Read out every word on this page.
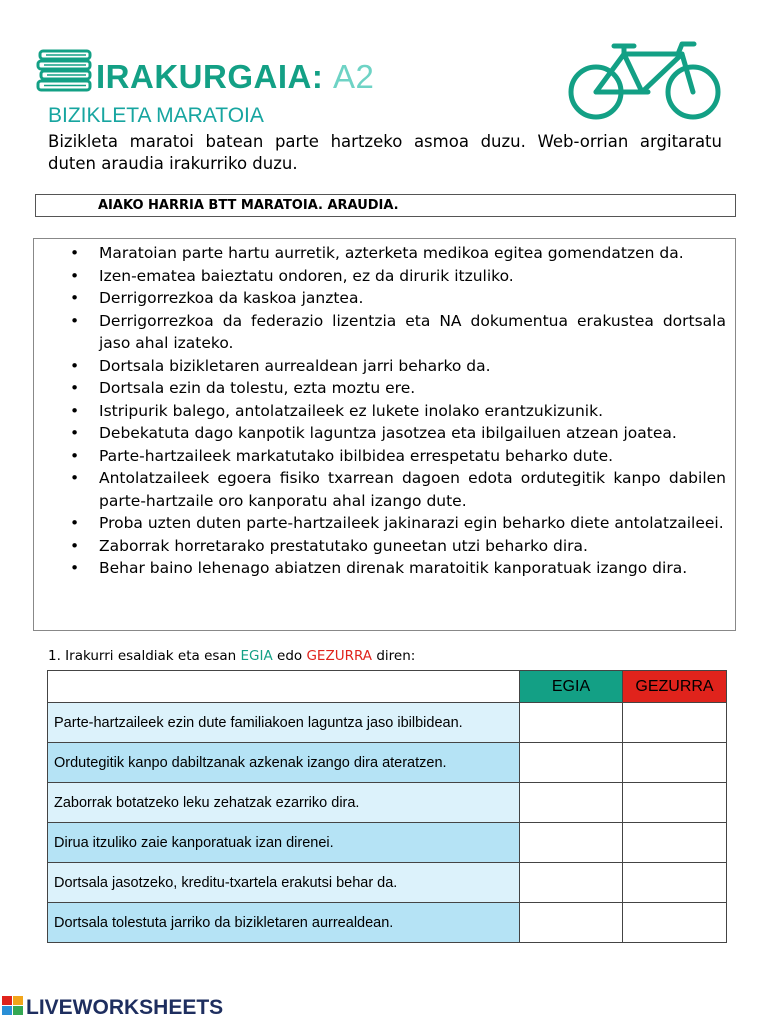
IRAKURGAIA: A2
BIZIKLETA MARATOIA
Bizikleta maratoi batean parte hartzeko asmoa duzu. Web-orrian argitaratu duten araudia irakurriko duzu.
AIAKO HARRIA BTT MARATOIA. ARAUDIA.
• Maratoian parte hartu aurretik, azterketa medikoa egitea gomendatzen da.
• Izen-ematea baieztatu ondoren, ez da dirurik itzuliko.
• Derrigorrezkoa da kaskoa janztea.
• Derrigorrezkoa da federazio lizentzia eta NA dokumentua erakustea dortsala jaso ahal izateko.
• Dortsala bizikletaren aurrealdean jarri beharko da.
• Dortsala ezin da tolestu, ezta moztu ere.
• Istripurik balego, antolatzaileek ez lukete inolako erantzukizunik.
• Debekatuta dago kanpotik laguntza jasotzea eta ibilgailuen atzean joatea.
• Parte-hartzaileek markatutako ibilbidea errespetatu beharko dute.
• Antolatzaileek egoera fisiko txarrean dagoen edota ordutegitik kanpo dabilen parte-hartzaile oro kanporatu ahal izango dute.
• Proba uzten duten parte-hartzaileek jakinarazi egin beharko diete antolatzaileei.
• Zaborrak horretarako prestatutako guneetan utzi beharko dira.
• Behar baino lehenago abiatzen direnak maratoitik kanporatuak izango dira.
1. Irakurri esaldiak eta esan EGIA edo GEZURRA diren:
	EGIA	GEZURRA
Parte-hartzaileek ezin dute familiakoen laguntza jaso ibilbidean.		
Ordutegitik kanpo dabiltzanak azkenak izango dira ateratzen.		
Zaborrak botatzeko leku zehatzak ezarriko dira.		
Dirua itzuliko zaie kanporatuak izan direnei.		
Dortsala jasotzeko, kreditu-txartela erakutsi behar da.		
Dortsala tolestuta jarriko da bizikletaren aurrealdean.		
LIVEWORKSHEETS
